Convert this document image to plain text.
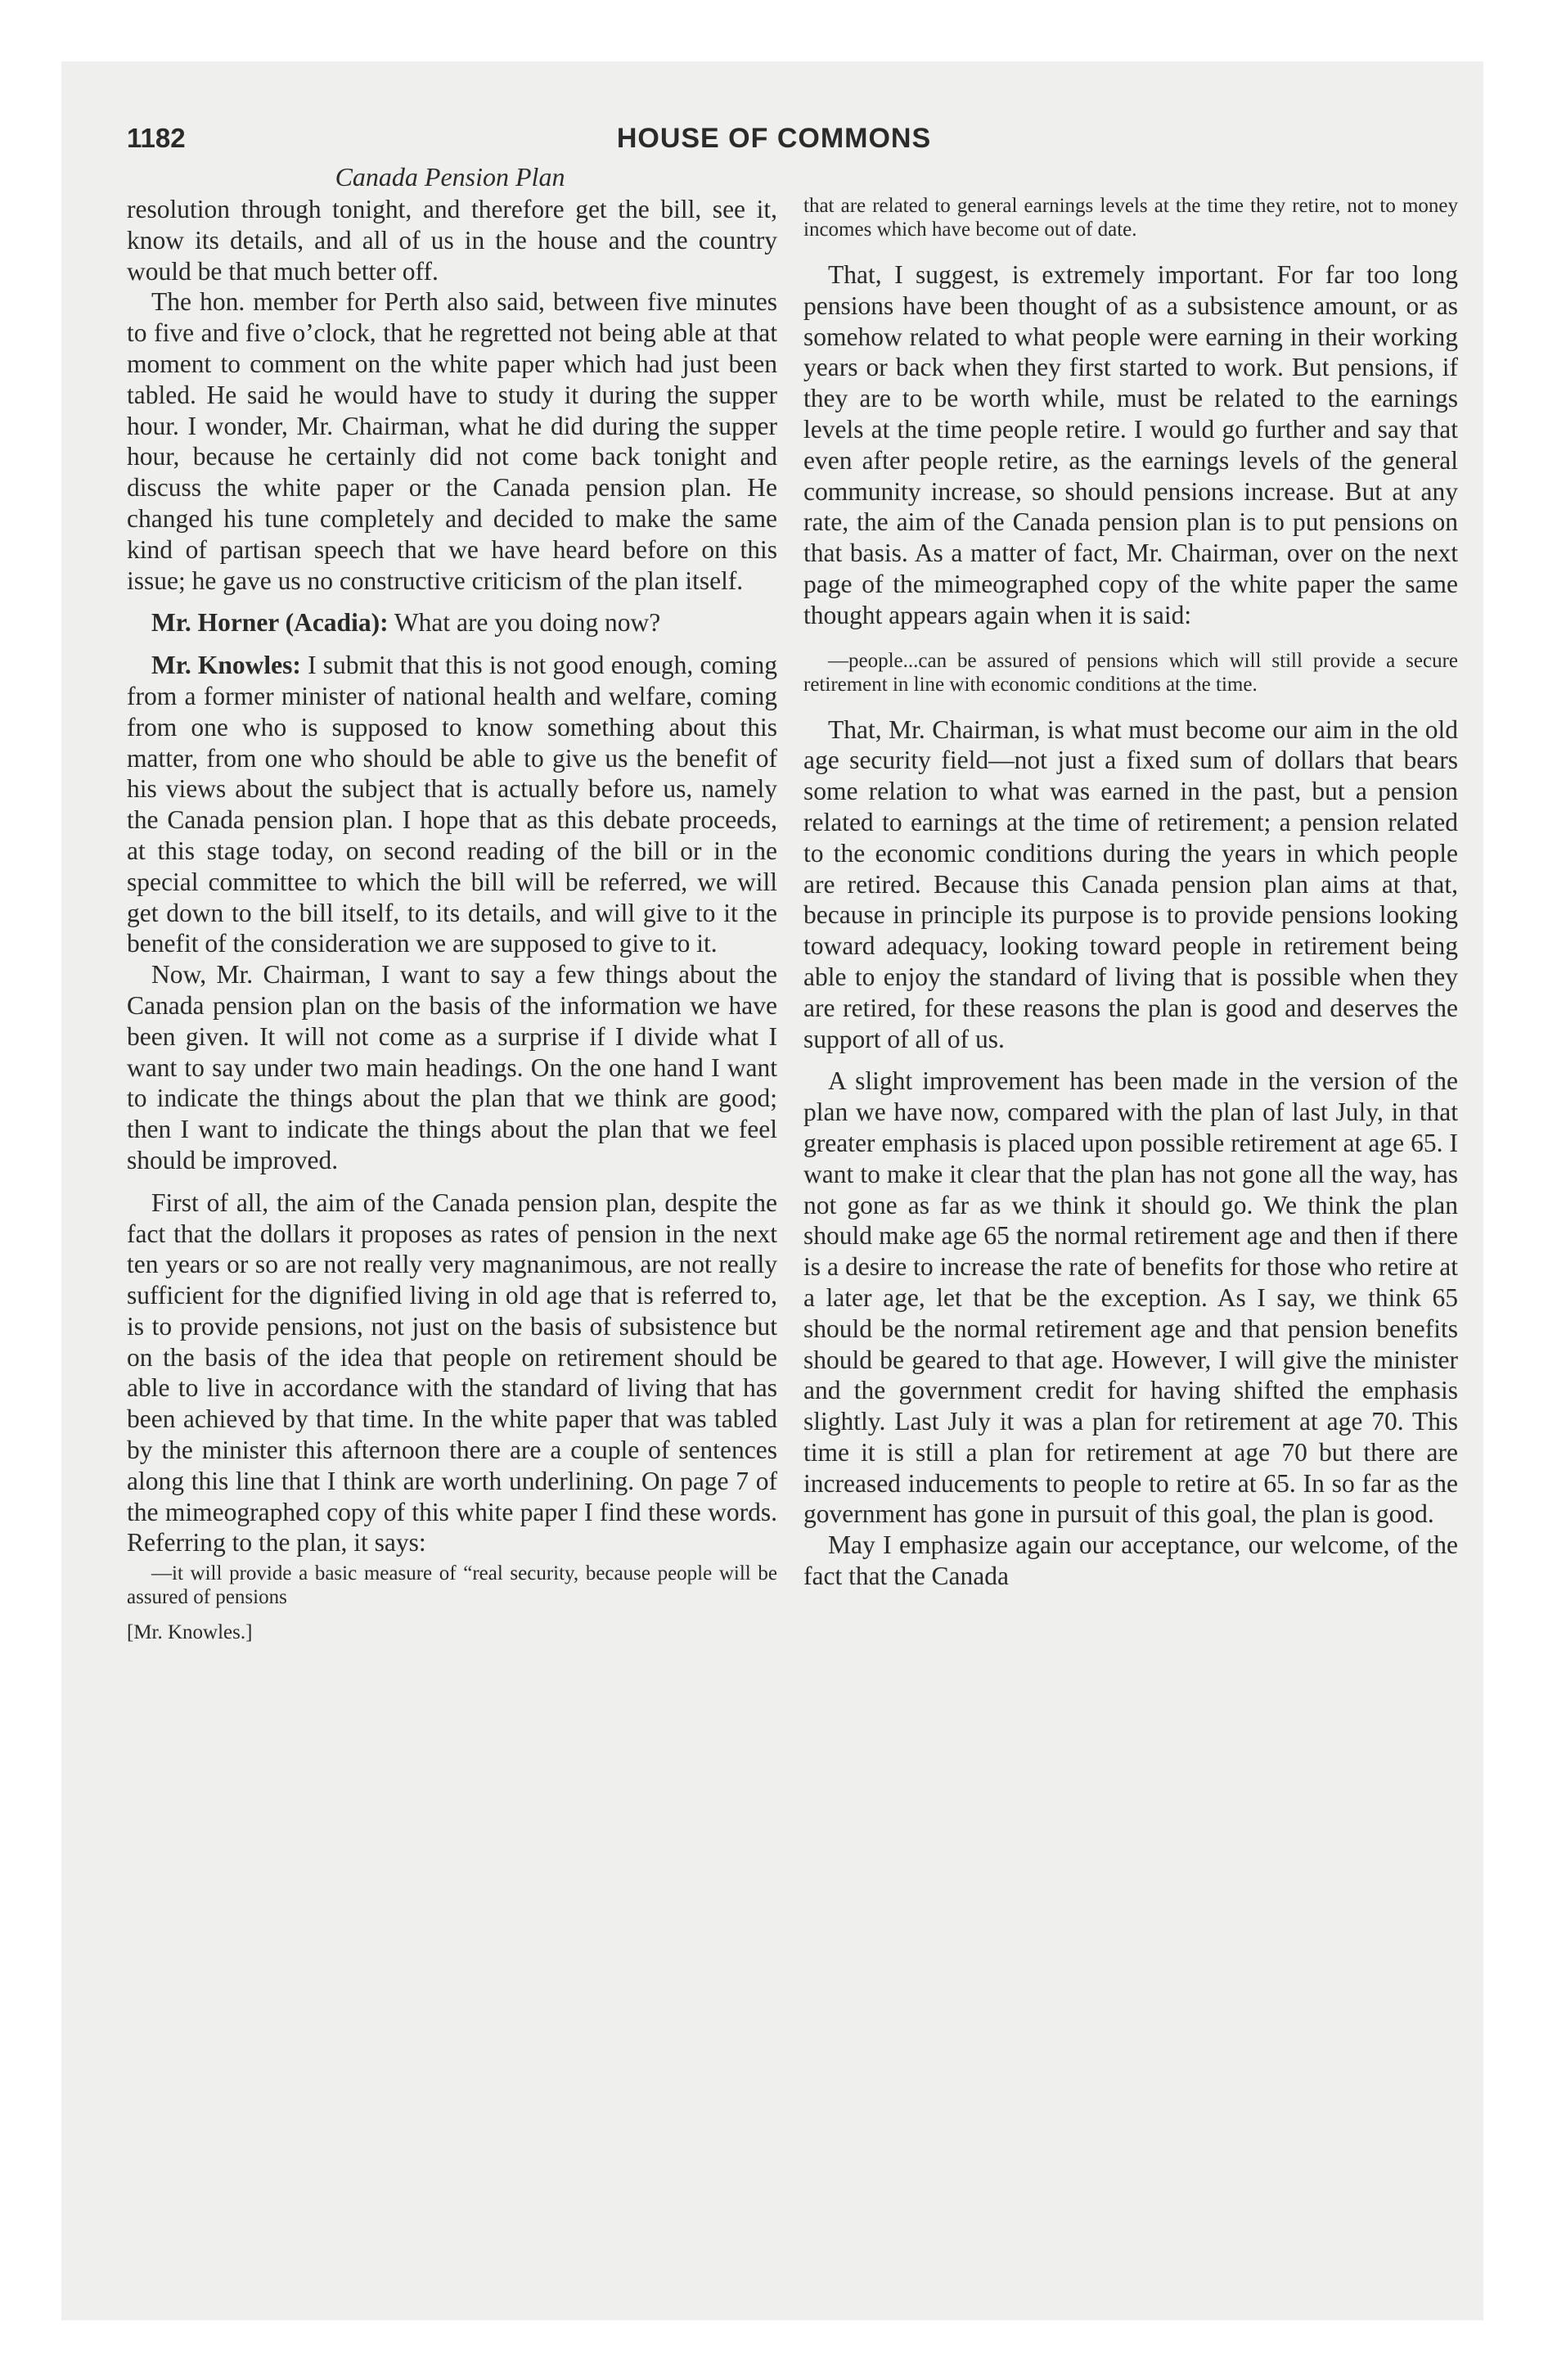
1182	HOUSE OF COMMONS
Canada Pension Plan

resolution through tonight, and therefore get the bill, see it, know its details, and all of us in the house and the country would be that much better off.

The hon. member for Perth also said, between five minutes to five and five o’clock, that he regretted not being able at that moment to comment on the white paper which had just been tabled. He said he would have to study it during the supper hour. I wonder, Mr. Chairman, what he did during the supper hour, because he certainly did not come back tonight and discuss the white paper or the Canada pension plan. He changed his tune completely and decided to make the same kind of partisan speech that we have heard before on this issue; he gave us no constructive criticism of the plan itself.

Mr. Horner (Acadia): What are you doing now?

Mr. Knowles: I submit that this is not good enough, coming from a former minister of national health and welfare, coming from one who is supposed to know something about this matter, from one who should be able to give us the benefit of his views about the subject that is actually before us, namely the Canada pension plan. I hope that as this debate proceeds, at this stage today, on second reading of the bill or in the special committee to which the bill will be referred, we will get down to the bill itself, to its details, and will give to it the benefit of the consideration we are supposed to give to it.

Now, Mr. Chairman, I want to say a few things about the Canada pension plan on the basis of the information we have been given. It will not come as a surprise if I divide what I want to say under two main headings. On the one hand I want to indicate the things about the plan that we think are good; then I want to indicate the things about the plan that we feel should be improved.

First of all, the aim of the Canada pension plan, despite the fact that the dollars it proposes as rates of pension in the next ten years or so are not really very magnanimous, are not really sufficient for the dignified living in old age that is referred to, is to provide pensions, not just on the basis of subsistence but on the basis of the idea that people on retirement should be able to live in accordance with the standard of living that has been achieved by that time. In the white paper that was tabled by the minister this afternoon there are a couple of sentences along this line that I think are worth underlining. On page 7 of the mimeographed copy of this white paper I find these words. Referring to the plan, it says:

—it will provide a basic measure of “real security, because people will be assured of pensions

[Mr. Knowles.]

that are related to general earnings levels at the time they retire, not to money incomes which have become out of date.

That, I suggest, is extremely important. For far too long pensions have been thought of as a subsistence amount, or as somehow related to what people were earning in their working years or back when they first started to work. But pensions, if they are to be worth while, must be related to the earnings levels at the time people retire. I would go further and say that even after people retire, as the earnings levels of the general community increase, so should pensions increase. But at any rate, the aim of the Canada pension plan is to put pensions on that basis. As a matter of fact, Mr. Chairman, over on the next page of the mimeographed copy of the white paper the same thought appears again when it is said:

—people...can be assured of pensions which will still provide a secure retirement in line with economic conditions at the time.

That, Mr. Chairman, is what must become our aim in the old age security field—not just a fixed sum of dollars that bears some relation to what was earned in the past, but a pension related to earnings at the time of retirement; a pension related to the economic conditions during the years in which people are retired. Because this Canada pension plan aims at that, because in principle its purpose is to provide pensions looking toward adequacy, looking toward people in retirement being able to enjoy the standard of living that is possible when they are retired, for these reasons the plan is good and deserves the support of all of us.

A slight improvement has been made in the version of the plan we have now, compared with the plan of last July, in that greater emphasis is placed upon possible retirement at age 65. I want to make it clear that the plan has not gone all the way, has not gone as far as we think it should go. We think the plan should make age 65 the normal retirement age and then if there is a desire to increase the rate of benefits for those who retire at a later age, let that be the exception. As I say, we think 65 should be the normal retirement age and that pension benefits should be geared to that age. However, I will give the minister and the government credit for having shifted the emphasis slightly. Last July it was a plan for retirement at age 70. This time it is still a plan for retirement at age 70 but there are increased inducements to people to retire at 65. In so far as the government has gone in pursuit of this goal, the plan is good.

May I emphasize again our acceptance, our welcome, of the fact that the Canada
